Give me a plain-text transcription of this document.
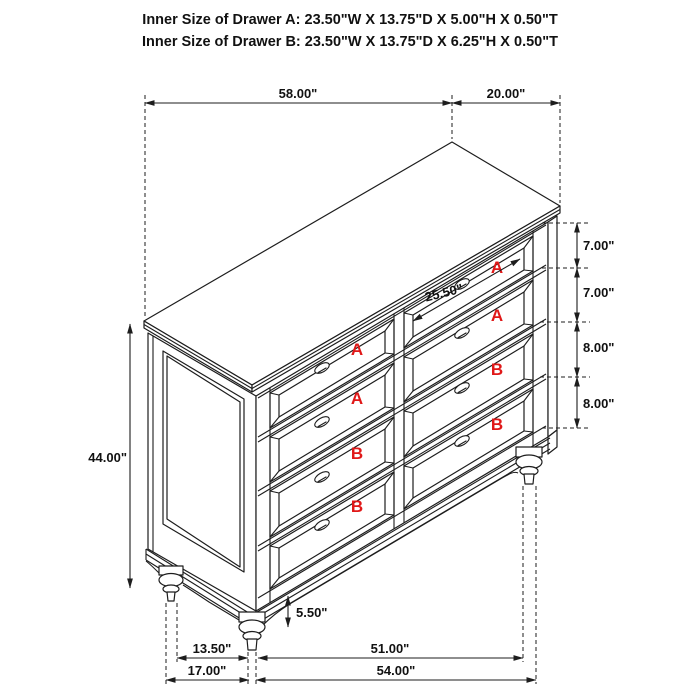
Inner Size of Drawer A: 23.50"W X 13.75"D X 5.00"H X 0.50"T
Inner Size of Drawer B: 23.50"W X 13.75"D X 6.25"H X 0.50"T
A
A
B
B
A
A
B
B
58.00"	20.00"
44.00"
7.00"
7.00"
8.00"
8.00"
25.50"
5.50"
13.50"	51.00"
17.00"	54.00"
